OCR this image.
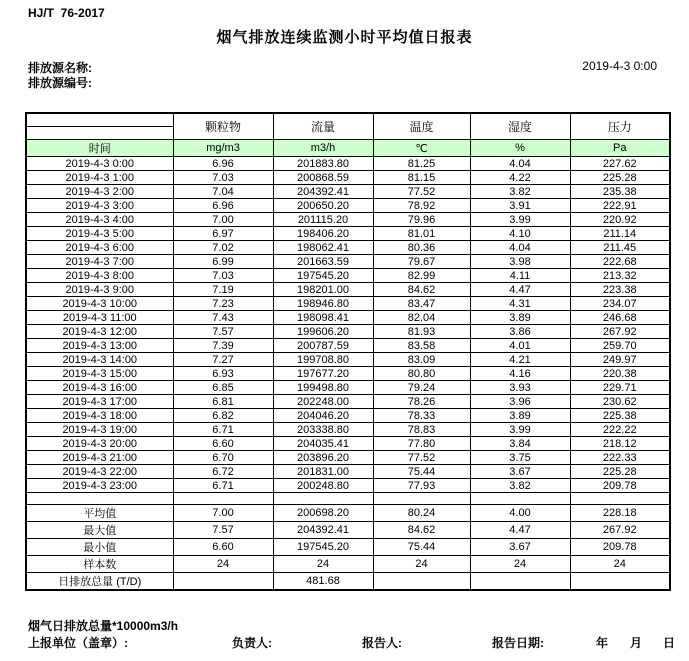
HJ/T  76-2017
烟气排放连续监测小时平均值日报表
排放源名称:	2019-4-3 0:00
排放源编号:
	颗粒物	流量	温度	湿度	压力

时间	mg/m3	m3/h	℃	%	Pa
2019-4-3 0:00	6.96	201883.80	81.25	4.04	227.62
2019-4-3 1:00	7.03	200868.59	81.15	4.22	225.28
2019-4-3 2:00	7.04	204392.41	77.52	3.82	235.38
2019-4-3 3:00	6.96	200650.20	78.92	3.91	222.91
2019-4-3 4:00	7.00	201115.20	79.96	3.99	220.92
2019-4-3 5:00	6.97	198406.20	81.01	4.10	211.14
2019-4-3 6:00	7.02	198062.41	80.36	4.04	211.45
2019-4-3 7:00	6.99	201663.59	79.67	3.98	222.68
2019-4-3 8:00	7.03	197545.20	82.99	4.11	213.32
2019-4-3 9:00	7.19	198201.00	84.62	4.47	223.38
2019-4-3 10:00	7.23	198946.80	83.47	4.31	234.07
2019-4-3 11:00	7.43	198098.41	82.04	3.89	246.68
2019-4-3 12:00	7.57	199606.20	81.93	3.86	267.92
2019-4-3 13:00	7.39	200787.59	83.58	4.01	259.70
2019-4-3 14:00	7.27	199708.80	83.09	4.21	249.97
2019-4-3 15:00	6.93	197677.20	80.80	4.16	220.38
2019-4-3 16:00	6.85	199498.80	79.24	3.93	229.71
2019-4-3 17:00	6.81	202248.00	78.26	3.96	230.62
2019-4-3 18:00	6.82	204046.20	78.33	3.89	225.38
2019-4-3 19:00	6.71	203338.80	78.83	3.99	222.22
2019-4-3 20:00	6.60	204035.41	77.80	3.84	218.12
2019-4-3 21:00	6.70	203896.20	77.52	3.75	222.33
2019-4-3 22:00	6.72	201831.00	75.44	3.67	225.28
2019-4-3 23:00	6.71	200248.80	77.93	3.82	209.78

平均值	7.00	200698.20	80.24	4.00	228.18
最大值	7.57	204392.41	84.62	4.47	267.92
最小值	6.60	197545.20	75.44	3.67	209.78
样本数	24	24	24	24	24
日排放总量 (T/D)		481.68			
烟气日排放总量*10000m3/h
上报单位（盖章）:	负责人:	报告人:	报告日期:	年 月 日
